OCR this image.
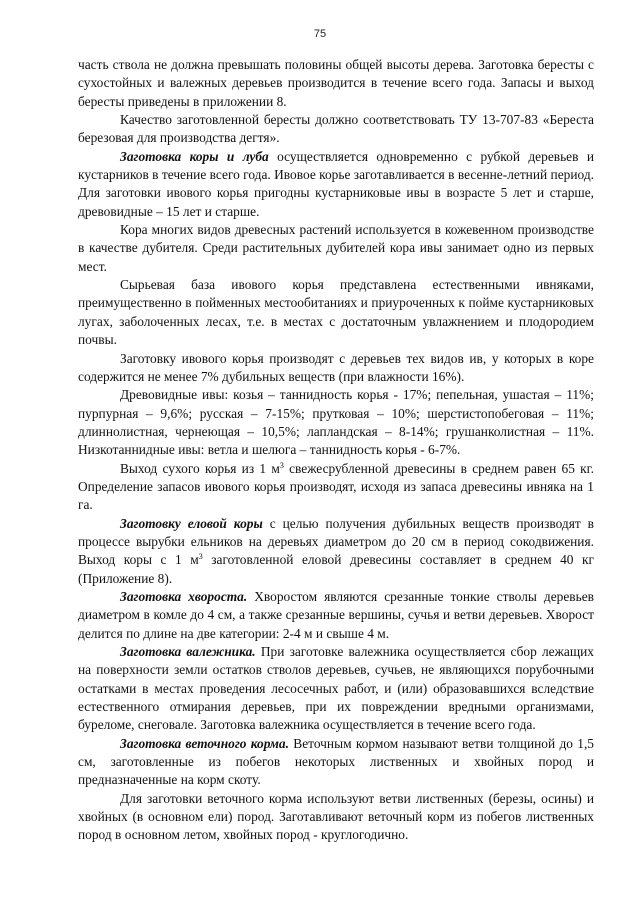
75

часть ствола не должна превышать половины общей высоты дерева. Заготовка бересты с сухостойных и валежных деревьев производится в течение всего года. Запасы и выход бересты приведены в приложении 8.

Качество заготовленной бересты должно соответствовать ТУ 13-707-83 «Береста березовая для производства дегтя».

Заготовка коры и луба осуществляется одновременно с рубкой деревьев и кустарников в течение всего года. Ивовое корье заготавливается в весенне-летний период. Для заготовки ивового корья пригодны кустарниковые ивы в возрасте 5 лет и старше, древовидные – 15 лет и старше.

Кора многих видов древесных растений используется в кожевенном производстве в качестве дубителя. Среди растительных дубителей кора ивы занимает одно из первых мест.

Сырьевая база ивового корья представлена естественными ивняками, преимущественно в пойменных местообитаниях и приуроченных к пойме кустарниковых лугах, заболоченных лесах, т.е. в местах с достаточным увлажнением и плодородием почвы.

Заготовку ивового корья производят с деревьев тех видов ив, у которых в коре содержится не менее 7% дубильных веществ (при влажности 16%).

Древовидные ивы: козья – таннидность корья - 17%; пепельная, ушастая – 11%; пурпурная – 9,6%; русская – 7-15%; прутковая – 10%; шерстистопобеговая – 11%; длиннолистная, чернеющая – 10,5%; лапландская – 8-14%; грушанколистная – 11%. Низкотаннидные ивы: ветла и шелюга – таннидность корья - 6-7%.

Выход сухого корья из 1 $м^3$ свежесрубленной древесины в среднем равен 65 кг. Определение запасов ивового корья производят, исходя из запаса древесины ивняка на 1 га.

Заготовку еловой коры с целью получения дубильных веществ производят в процессе вырубки ельников на деревьях диаметром до 20 см в период сокодвижения. Выход коры с 1 $м^3$ заготовленной еловой древесины составляет в среднем 40 кг (Приложение 8).

Заготовка хвороста. Хворостом являются срезанные тонкие стволы деревьев диаметром в комле до 4 см, а также срезанные вершины, сучья и ветви деревьев. Хворост делится по длине на две категории: 2-4 м и свыше 4 м.

Заготовка валежника. При заготовке валежника осуществляется сбор лежащих на поверхности земли остатков стволов деревьев, сучьев, не являющихся порубочными остатками в местах проведения лесосечных работ, и (или) образовавшихся вследствие естественного отмирания деревьев, при их повреждении вредными организмами, буреломе, снеговале. Заготовка валежника осуществляется в течение всего года.

Заготовка веточного корма. Веточным кормом называют ветви толщиной до 1,5 см, заготовленные из побегов некоторых лиственных и хвойных пород и предназначенные на корм скоту.

Для заготовки веточного корма используют ветви лиственных (березы, осины) и хвойных (в основном ели) пород. Заготавливают веточный корм из побегов лиственных пород в основном летом, хвойных пород - круглогодично.
